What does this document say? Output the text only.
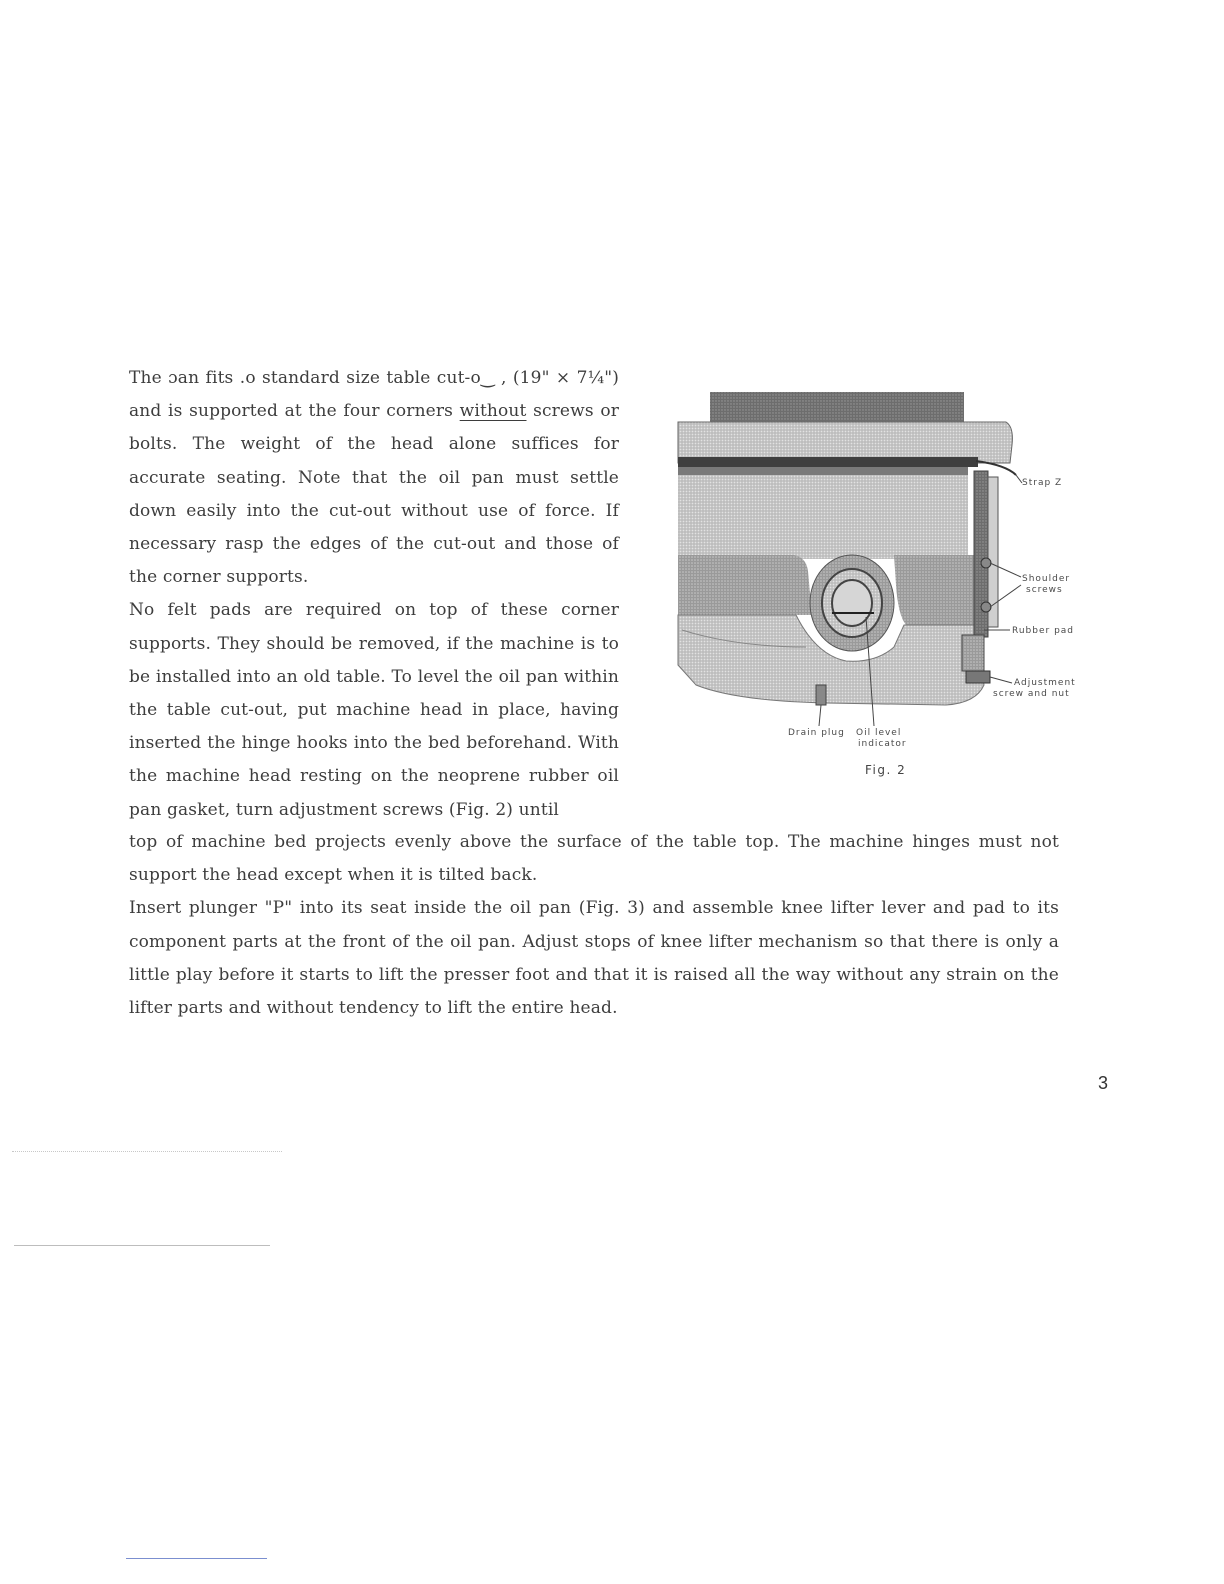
The ɔan fits .o standard size table cut-o‿ , (19" × 7¼") and is supported at the four corners without screws or bolts. The weight of the head alone suffices for accurate seating. Note that the oil pan must settle down easily into the cut-out without use of force. If necessary rasp the edges of the cut-out and those of the corner supports.

No felt pads are required on top of these corner supports. They should be removed, if the machine is to be installed into an old table. To level the oil pan within the table cut-out, put machine head in place, having inserted the hinge hooks into the bed beforehand. With the machine head resting on the neoprene rubber oil pan gasket, turn adjustment screws (Fig. 2) until

top of machine bed projects evenly above the surface of the table top. The machine hinges must not support the head except when it is tilted back.

Insert plunger "P" into its seat inside the oil pan (Fig. 3) and assemble knee lifter lever and pad to its component parts at the front of the oil pan. Adjust stops of knee lifter mechanism so that there is only a little play before it starts to lift the presser foot and that it is raised all the way without any strain on the lifter parts and without tendency to lift the entire head.

Strap Z
Shoulder
screws
Rubber pad
Adjustment
screw and nut
Drain plug Oil level
indicator
Fig. 2
3
